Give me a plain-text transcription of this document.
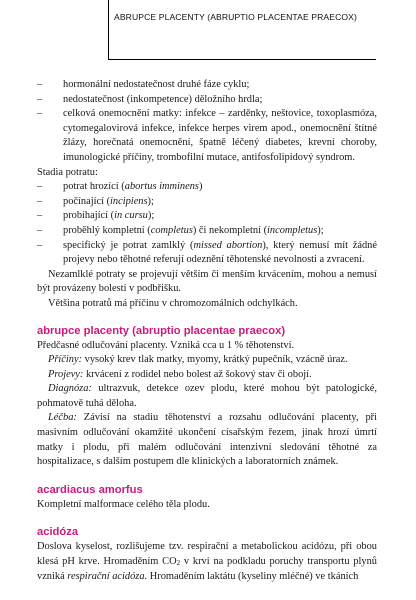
ABRUPCE PLACENTY (ABRUPTIO PLACENTAE PRAECOX)
– hormonální nedostatečnost druhé fáze cyklu;
– nedostatečnost (inkompetence) děložního hrdla;
– celková onemocnění matky: infekce – zarděnky, neštovice, toxoplasmóza, cytomegalovirová infekce, infekce herpes virem apod., onemocnění štítné žlázy, horečnatá onemocnění, špatně léčený diabetes, krevní choroby, imunologické příčiny, trombofilní mutace, antifosfolipidový syndrom.

Stadia potratu:

– potrat hrozící (abortus imminens)
– počínající (incipiens);
– probíhající (in cursu);
– proběhlý kompletní (completus) či nekompletní (incompletus);
– specifický je potrat zamlklý (missed abortion), který nemusí mít žádné projevy nebo těhotné referují odeznění těhotenské nevolnosti a zvracení.

Nezamlklé potraty se projevují větším či menším krvácením, mohou a nemusí být provázeny bolestí v podbřišku.

Většina potratů má příčinu v chromozomálních odchylkách.

abrupce placenty (abruptio placentae praecox)

Předčasné odlučování placenty. Vzniká cca u 1 % těhotenství.

Příčiny: vysoký krev tlak matky, myomy, krátký pupečník, vzácně úraz.

Projevy: krvácení z rodidel nebo bolest až šokový stav či obojí.

Diagnóza: ultrazvuk, detekce ozev plodu, které mohou být patologické, pohmatově tuhá děloha.

Léčba: Závisí na stadiu těhotenství a rozsahu odlučování placenty, při masivním odlučování okamžité ukončení císařským řezem, jinak hrozí úmrtí matky i plodu, při malém odlučování intenzivní sledování těhotné za hospitalizace, s dalším postupem dle klinických a laboratorních známek.

acardiacus amorfus

Kompletní malformace celého těla plodu.

acidóza

Doslova kyselost, rozlišujeme tzv. respirační a metabolickou acidózu, při obou klesá pH krve. Hromaděním CO2 v krvi na podkladu poruchy transportu plynů vzniká respirační acidóza. Hromaděním laktátu (kyseliny mléčné) ve tkáních
